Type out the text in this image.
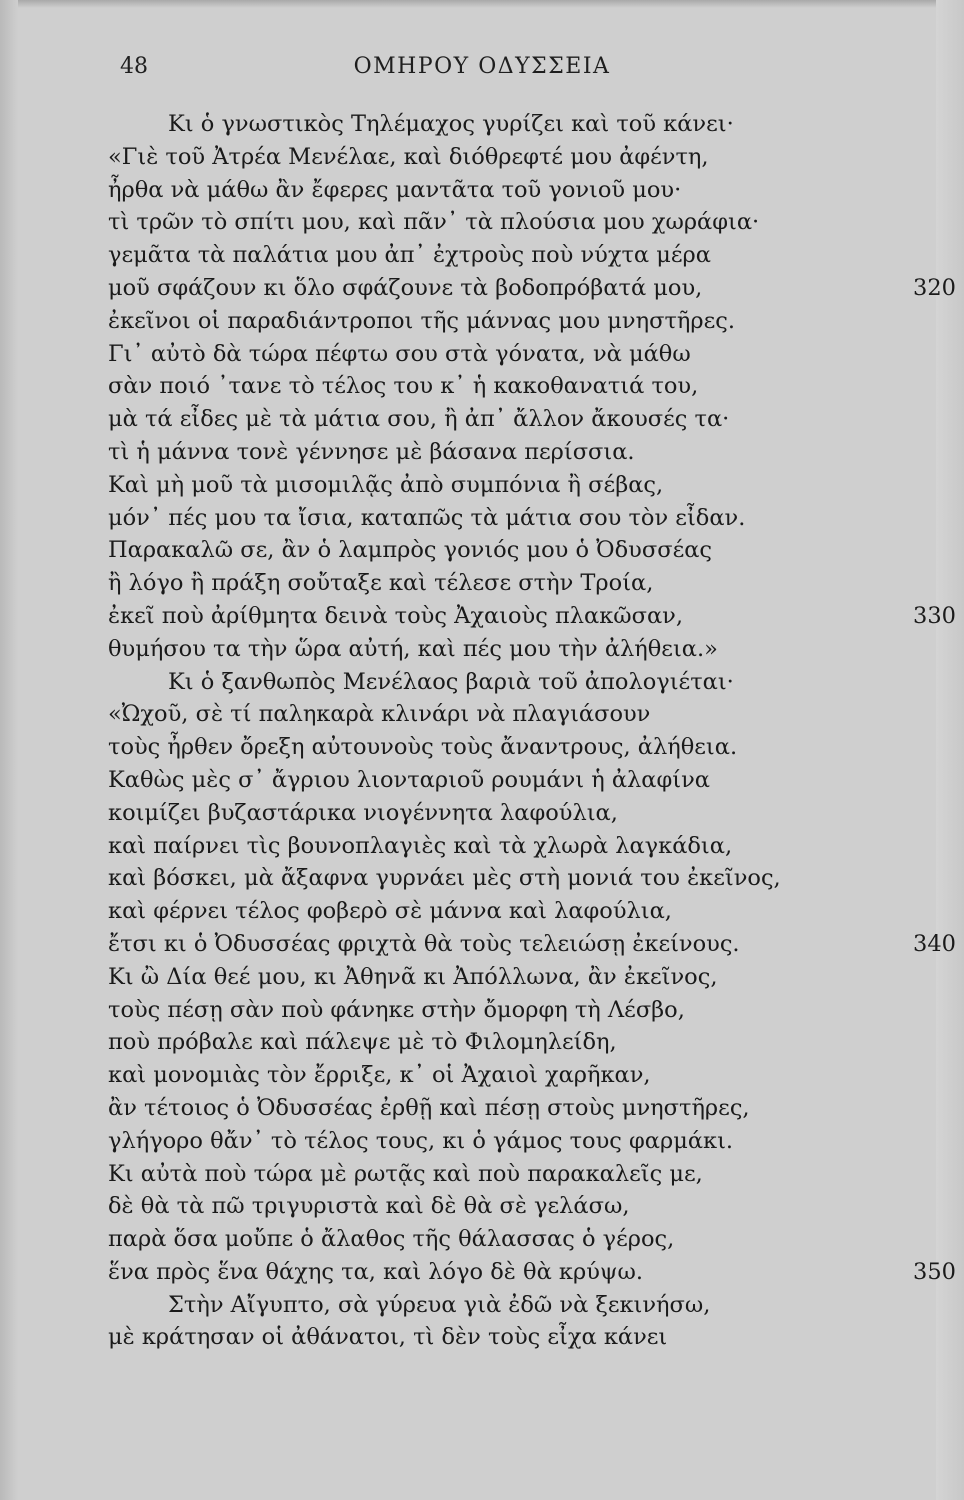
48	ΟΜΗΡΟΥ ΟΔΥΣΣΕΙΑ
Κι ὁ γνωστικὸς Τηλέμαχος γυρίζει καὶ τοῦ κάνει·
«Γιὲ τοῦ Ἀτρέα Μενέλαε, καὶ διόθρεφτέ μου ἀφέντη,
ἦρθα νὰ μάθω ἂν ἔφερες μαντᾶτα τοῦ γονιοῦ μου·
τὶ τρῶν τὸ σπίτι μου, καὶ πᾶν᾿ τὰ πλούσια μου χωράφια·
γεμᾶτα τὰ παλάτια μου ἀπ᾿ ἐχτροὺς ποὺ νύχτα μέρα
μοῦ σφάζουν κι ὅλο σφάζουνε τὰ βοδοπρόβατά μου,	320
ἐκεῖνοι οἱ παραδιάντροποι τῆς μάννας μου μνηστῆρες.
Γι᾿ αὐτὸ δὰ τώρα πέφτω σου στὰ γόνατα, νὰ μάθω
σὰν ποιό ᾿τανε τὸ τέλος του κ᾿ ἡ κακοθανατιά του,
μὰ τά εἶδες μὲ τὰ μάτια σου, ἢ ἀπ᾿ ἄλλον ἄκουσές τα·
τὶ ἡ μάννα τονὲ γέννησε μὲ βάσανα περίσσια.
Καὶ μὴ μοῦ τὰ μισομιλᾷς ἀπὸ συμπόνια ἢ σέβας,
μόν᾿ πές μου τα ἴσια, καταπῶς τὰ μάτια σου τὸν εἶδαν.
Παρακαλῶ σε, ἂν ὁ λαμπρὸς γονιός μου ὁ Ὀδυσσέας
ἢ λόγο ἢ πράξη σοὔταξε καὶ τέλεσε στὴν Τροία,
ἐκεῖ ποὺ ἀρίθμητα δεινὰ τοὺς Ἀχαιοὺς πλακῶσαν,	330
θυμήσου τα τὴν ὥρα αὐτή, καὶ πές μου τὴν ἀλήθεια.»
Κι ὁ ξανθωπὸς Μενέλαος βαριὰ τοῦ ἀπολογιέται·
«Ὠχοῦ, σὲ τί παληκαρὰ κλινάρι νὰ πλαγιάσουν
τοὺς ἦρθεν ὄρεξη αὐτουνοὺς τοὺς ἄναντρους, ἀλήθεια.
Καθὼς μὲς σ᾿ ἄγριου λιονταριοῦ ρουμάνι ἡ ἀλαφίνα
κοιμίζει βυζαστάρικα νιογέννητα λαφούλια,
καὶ παίρνει τὶς βουνοπλαγιὲς καὶ τὰ χλωρὰ λαγκάδια,
καὶ βόσκει, μὰ ἄξαφνα γυρνάει μὲς στὴ μονιά του ἐκεῖνος,
καὶ φέρνει τέλος φοβερὸ σὲ μάννα καὶ λαφούλια,
ἔτσι κι ὁ Ὀδυσσέας φριχτὰ θὰ τοὺς τελειώσῃ ἐκείνους.	340
Κι ὢ Δία θεέ μου, κι Ἀθηνᾶ κι Ἀπόλλωνα, ἂν ἐκεῖνος,
τοὺς πέσῃ σὰν ποὺ φάνηκε στὴν ὄμορφη τὴ Λέσβο,
ποὺ πρόβαλε καὶ πάλεψε μὲ τὸ Φιλομηλείδη,
καὶ μονομιὰς τὸν ἔρριξε, κ᾿ οἱ Ἀχαιοὶ χαρῆκαν,
ἂν τέτοιος ὁ Ὀδυσσέας ἐρθῇ καὶ πέσῃ στοὺς μνηστῆρες,
γλήγορο θἄν᾿ τὸ τέλος τους, κι ὁ γάμος τους φαρμάκι.
Κι αὐτὰ ποὺ τώρα μὲ ρωτᾷς καὶ ποὺ παρακαλεῖς με,
δὲ θὰ τὰ πῶ τριγυριστὰ καὶ δὲ θὰ σὲ γελάσω,
παρὰ ὅσα μοὔπε ὁ ἄλαθος τῆς θάλασσας ὁ γέρος,
ἕνα πρὸς ἕνα θάχης τα, καὶ λόγο δὲ θὰ κρύψω.	350
Στὴν Αἴγυπτο, σὰ γύρευα γιὰ ἐδῶ νὰ ξεκινήσω,
μὲ κράτησαν οἱ ἀθάνατοι, τὶ δὲν τοὺς εἶχα κάνει
